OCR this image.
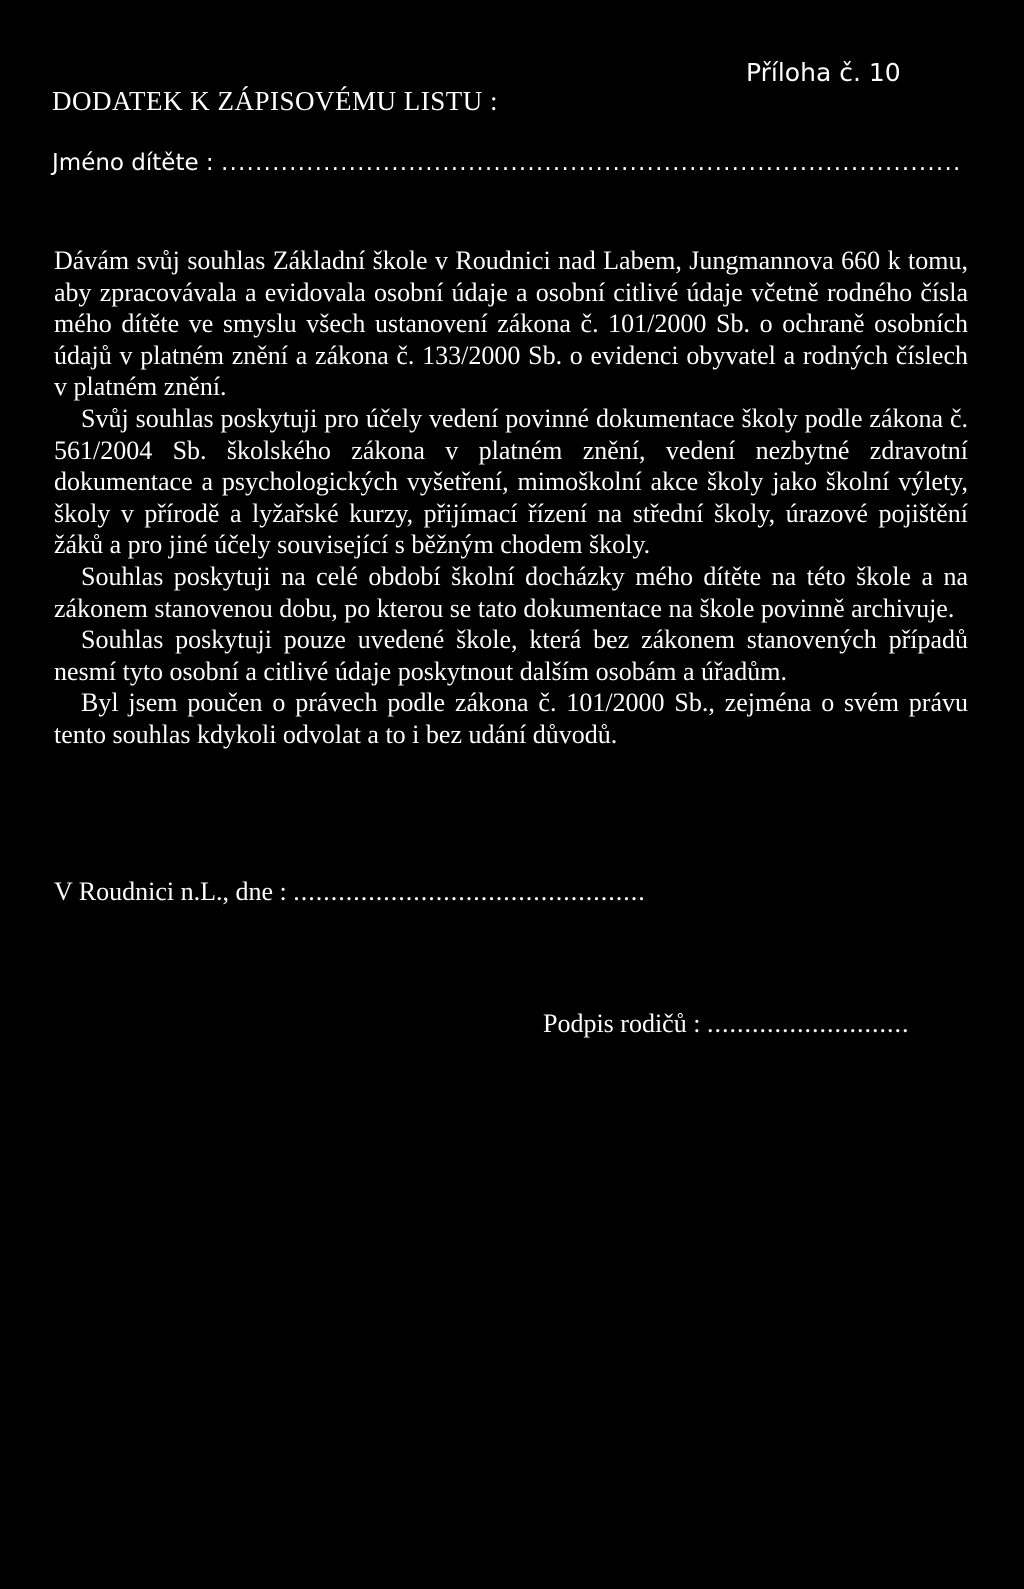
DODATEK K ZÁPISOVÉMU LISTU :
Příloha č. 10
Jméno dítěte : .......................................................................................

Dávám svůj souhlas Základní škole v Roudnici nad Labem, Jungmannova 660 k tomu, aby zpracovávala a evidovala osobní údaje a osobní citlivé údaje včetně rodného čísla mého dítěte ve smyslu všech ustanovení zákona č. 101/2000 Sb. o ochraně osobních údajů v platném znění a zákona č. 133/2000 Sb. o evidenci obyvatel a rodných číslech v platném znění.

Svůj souhlas poskytuji pro účely vedení povinné dokumentace školy podle zákona č. 561/2004 Sb. školského zákona v platném znění, vedení nezbytné zdravotní dokumentace a psychologických vyšetření, mimoškolní akce školy jako školní výlety, školy v přírodě a lyžařské kurzy, přijímací řízení na střední školy, úrazové pojištění žáků a pro jiné účely související s běžným chodem školy.

Souhlas poskytuji na celé období školní docházky mého dítěte na této škole a na zákonem stanovenou dobu, po kterou se tato dokumentace na škole povinně archivuje.

Souhlas poskytuji pouze uvedené škole, která bez zákonem stanovených případů nesmí tyto osobní a citlivé údaje poskytnout dalším osobám a úřadům.

Byl jsem poučen o právech podle zákona č. 101/2000 Sb., zejména o svém právu tento souhlas kdykoli odvolat a to i bez udání důvodů.

V Roudnici n.L., dne : ...............................................
Podpis rodičů : ...........................
